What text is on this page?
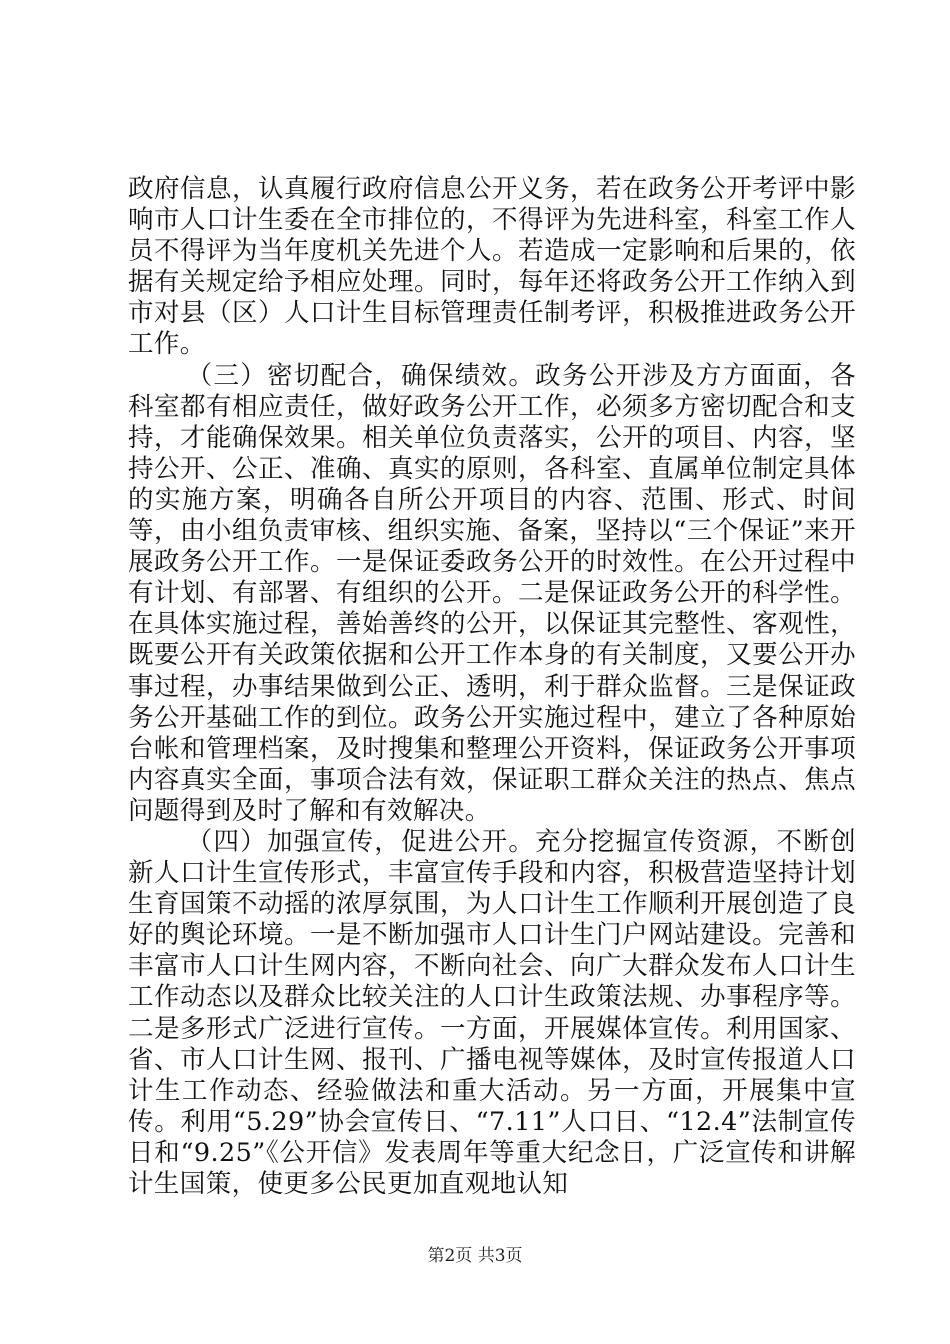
政府信息，认真履行政府信息公开义务，若在政务公开考评中影响市人口计生委在全市排位的，不得评为先进科室，科室工作人员不得评为当年度机关先进个人。若造成一定影响和后果的，依据有关规定给予相应处理。同时，每年还将政务公开工作纳入到市对县（区）人口计生目标管理责任制考评，积极推进政务公开工作。

（三）密切配合，确保绩效。政务公开涉及方方面面，各科室都有相应责任，做好政务公开工作，必须多方密切配合和支持，才能确保效果。相关单位负责落实，公开的项目、内容，坚持公开、公正、准确、真实的原则，各科室、直属单位制定具体的实施方案，明确各自所公开项目的内容、范围、形式、时间等，由小组负责审核、组织实施、备案，坚持以“三个保证”来开展政务公开工作。一是保证委政务公开的时效性。在公开过程中有计划、有部署、有组织的公开。二是保证政务公开的科学性。在具体实施过程，善始善终的公开，以保证其完整性、客观性，既要公开有关政策依据和公开工作本身的有关制度，又要公开办事过程，办事结果做到公正、透明，利于群众监督。三是保证政务公开基础工作的到位。政务公开实施过程中，建立了各种原始台帐和管理档案，及时搜集和整理公开资料，保证政务公开事项内容真实全面，事项合法有效，保证职工群众关注的热点、焦点问题得到及时了解和有效解决。

（四）加强宣传，促进公开。充分挖掘宣传资源，不断创新人口计生宣传形式，丰富宣传手段和内容，积极营造坚持计划生育国策不动摇的浓厚氛围，为人口计生工作顺利开展创造了良好的舆论环境。一是不断加强市人口计生门户网站建设。完善和丰富市人口计生网内容，不断向社会、向广大群众发布人口计生工作动态以及群众比较关注的人口计生政策法规、办事程序等。二是多形式广泛进行宣传。一方面，开展媒体宣传。利用国家、省、市人口计生网、报刊、广播电视等媒体，及时宣传报道人口计生工作动态、经验做法和重大活动。另一方面，开展集中宣传。利用“5.29”协会宣传日、“7.11”人口日、“12.4”法制宣传日和“9.25”《公开信》发表周年等重大纪念日，广泛宣传和讲解计生国策，使更多公民更加直观地认知

第2页 共3页
